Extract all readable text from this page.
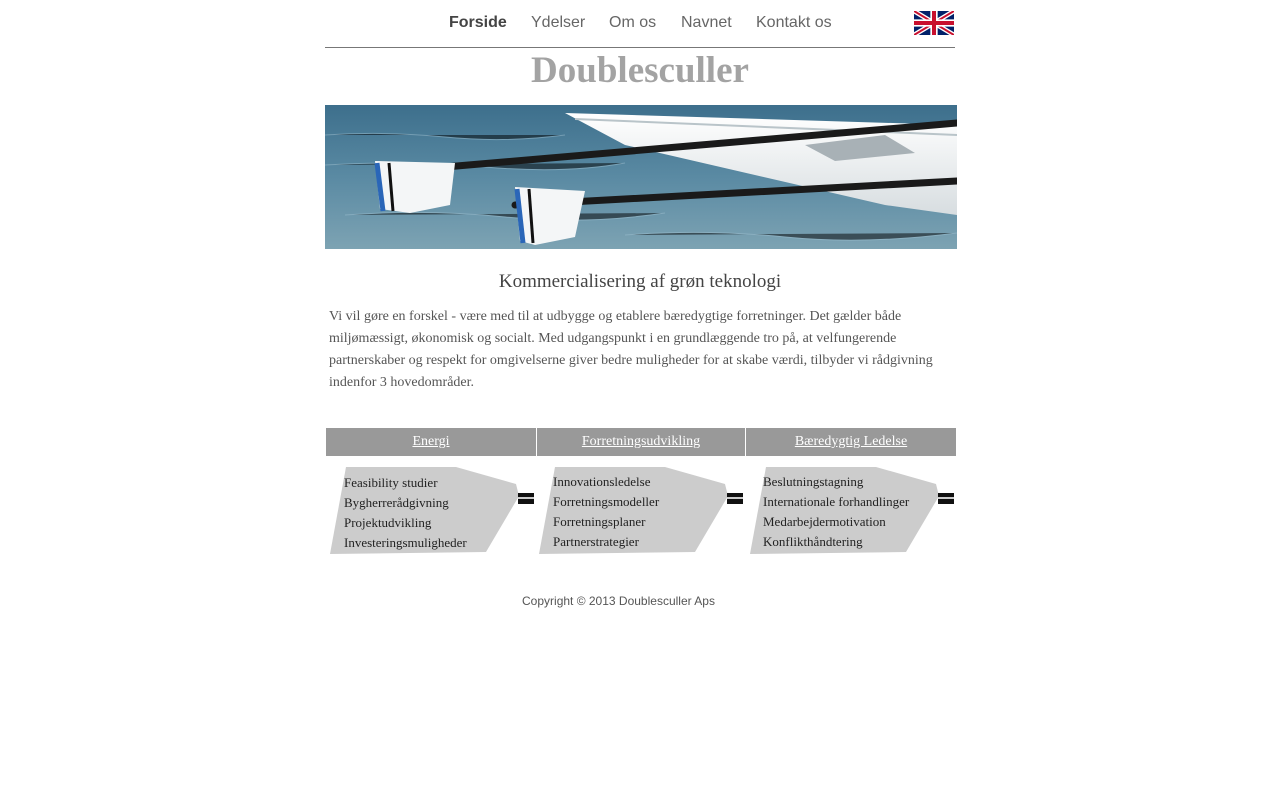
Forside Ydelser Om os Navnet Kontakt os
Doublesculler
Kommercialisering af grøn teknologi

Vi vil gøre en forskel - være med til at udbygge og etablere bæredygtige forretninger. Det gælder både miljømæssigt, økonomisk og socialt. Med udgangspunkt i en grundlæggende tro på, at velfungerende partnerskaber og respekt for omgivelserne giver bedre muligheder for at skabe værdi, tilbyder vi rådgivning indenfor 3 hovedområder.

Energi	Forretningsudvikling	Bæredygtig Ledelse
Feasibility studier
Bygherrerådgivning
Projektudvikling
Investeringsmuligheder
Innovationsledelse
Forretningsmodeller
Forretningsplaner
Partnerstrategier
Beslutningstagning
Internationale forhandlinger
Medarbejdermotivation
Konflikthåndtering
Copyright © 2013 Doublesculler Aps
